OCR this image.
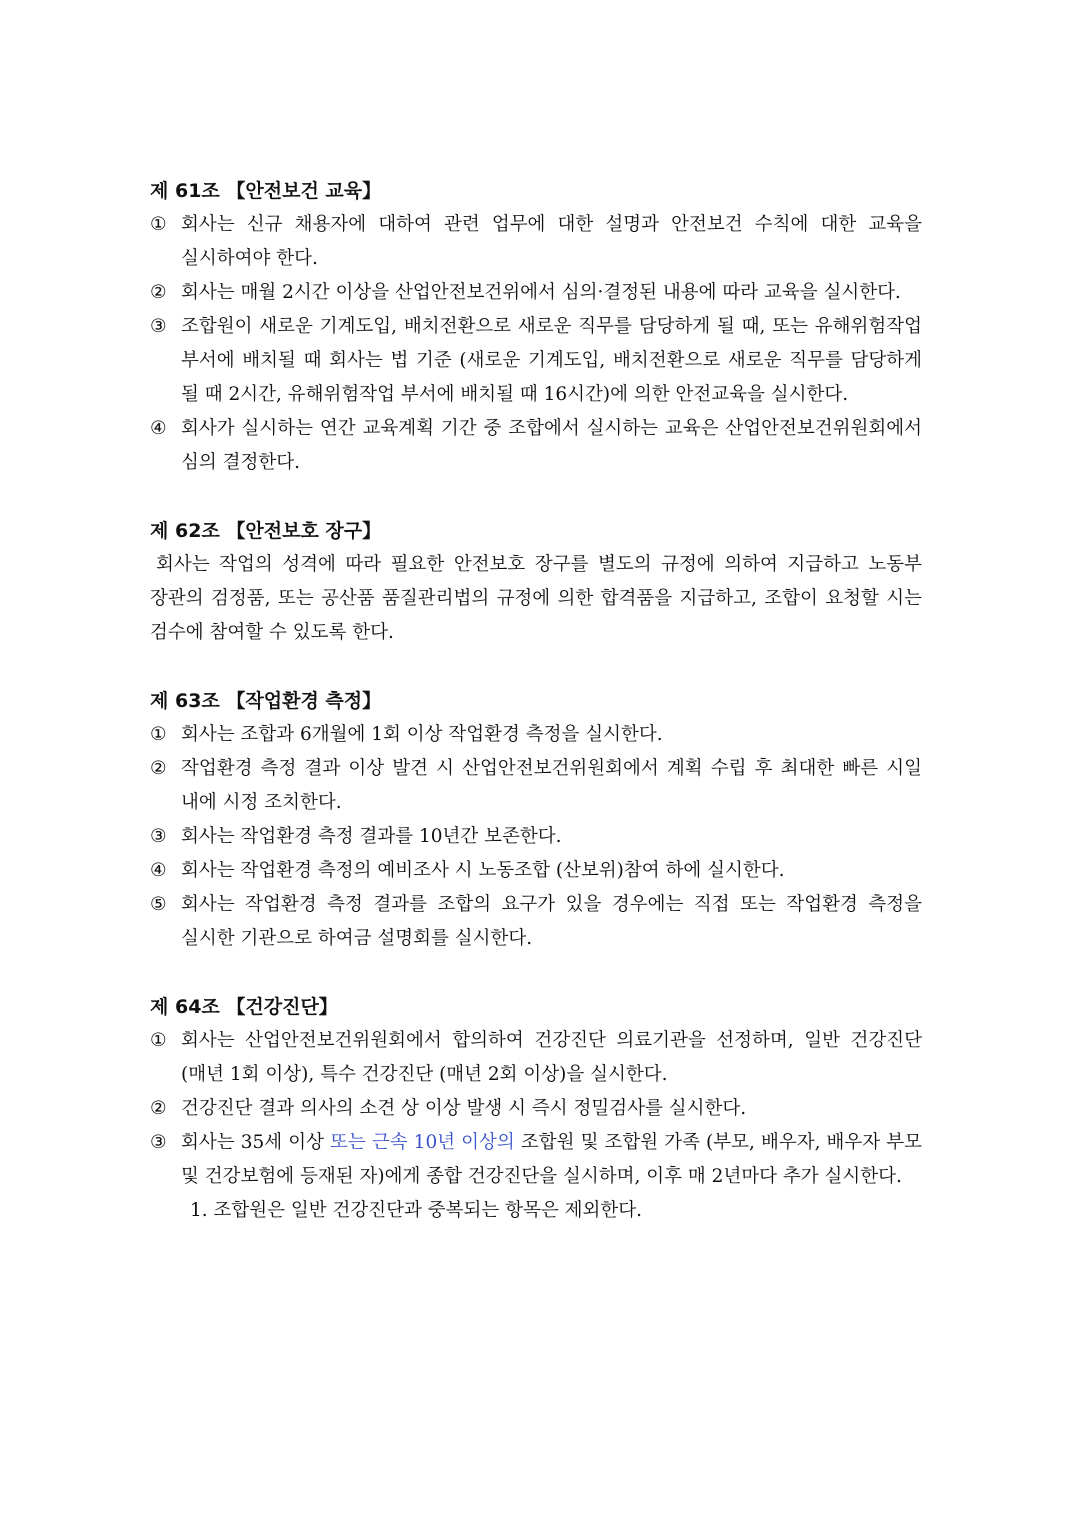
제 61조 【안전보건 교육】
① 회사는 신규 채용자에 대하여 관련 업무에 대한 설명과 안전보건 수칙에 대한 교육을 실시하여야 한다.
② 회사는 매월 2시간 이상을 산업안전보건위에서 심의·결정된 내용에 따라 교육을 실시한다.
③ 조합원이 새로운 기계도입, 배치전환으로 새로운 직무를 담당하게 될 때, 또는 유해위험작업 부서에 배치될 때 회사는 법 기준 (새로운 기계도입, 배치전환으로 새로운 직무를 담당하게 될 때 2시간, 유해위험작업 부서에 배치될 때 16시간)에 의한 안전교육을 실시한다.
④ 회사가 실시하는 연간 교육계획 기간 중 조합에서 실시하는 교육은 산업안전보건위원회에서 심의 결정한다.
제 62조 【안전보호 장구】
회사는 작업의 성격에 따라 필요한 안전보호 장구를 별도의 규정에 의하여 지급하고 노동부 장관의 검정품, 또는 공산품 품질관리법의 규정에 의한 합격품을 지급하고, 조합이 요청할 시는 검수에 참여할 수 있도록 한다.
제 63조 【작업환경 측정】
① 회사는 조합과 6개월에 1회 이상 작업환경 측정을 실시한다.
② 작업환경 측정 결과 이상 발견 시 산업안전보건위원회에서 계획 수립 후 최대한 빠른 시일 내에 시정 조치한다.
③ 회사는 작업환경 측정 결과를 10년간 보존한다.
④ 회사는 작업환경 측정의 예비조사 시 노동조합 (산보위)참여 하에 실시한다.
⑤ 회사는 작업환경 측정 결과를 조합의 요구가 있을 경우에는 직접 또는 작업환경 측정을 실시한 기관으로 하여금 설명회를 실시한다.
제 64조 【건강진단】
① 회사는 산업안전보건위원회에서 합의하여 건강진단 의료기관을 선정하며, 일반 건강진단 (매년 1회 이상), 특수 건강진단 (매년 2회 이상)을 실시한다.
② 건강진단 결과 의사의 소견 상 이상 발생 시 즉시 정밀검사를 실시한다.
③ 회사는 35세 이상 또는 근속 10년 이상의 조합원 및 조합원 가족 (부모, 배우자, 배우자 부모 및 건강보험에 등재된 자)에게 종합 건강진단을 실시하며, 이후 매 2년마다 추가 실시한다.
1. 조합원은 일반 건강진단과 중복되는 항목은 제외한다.
